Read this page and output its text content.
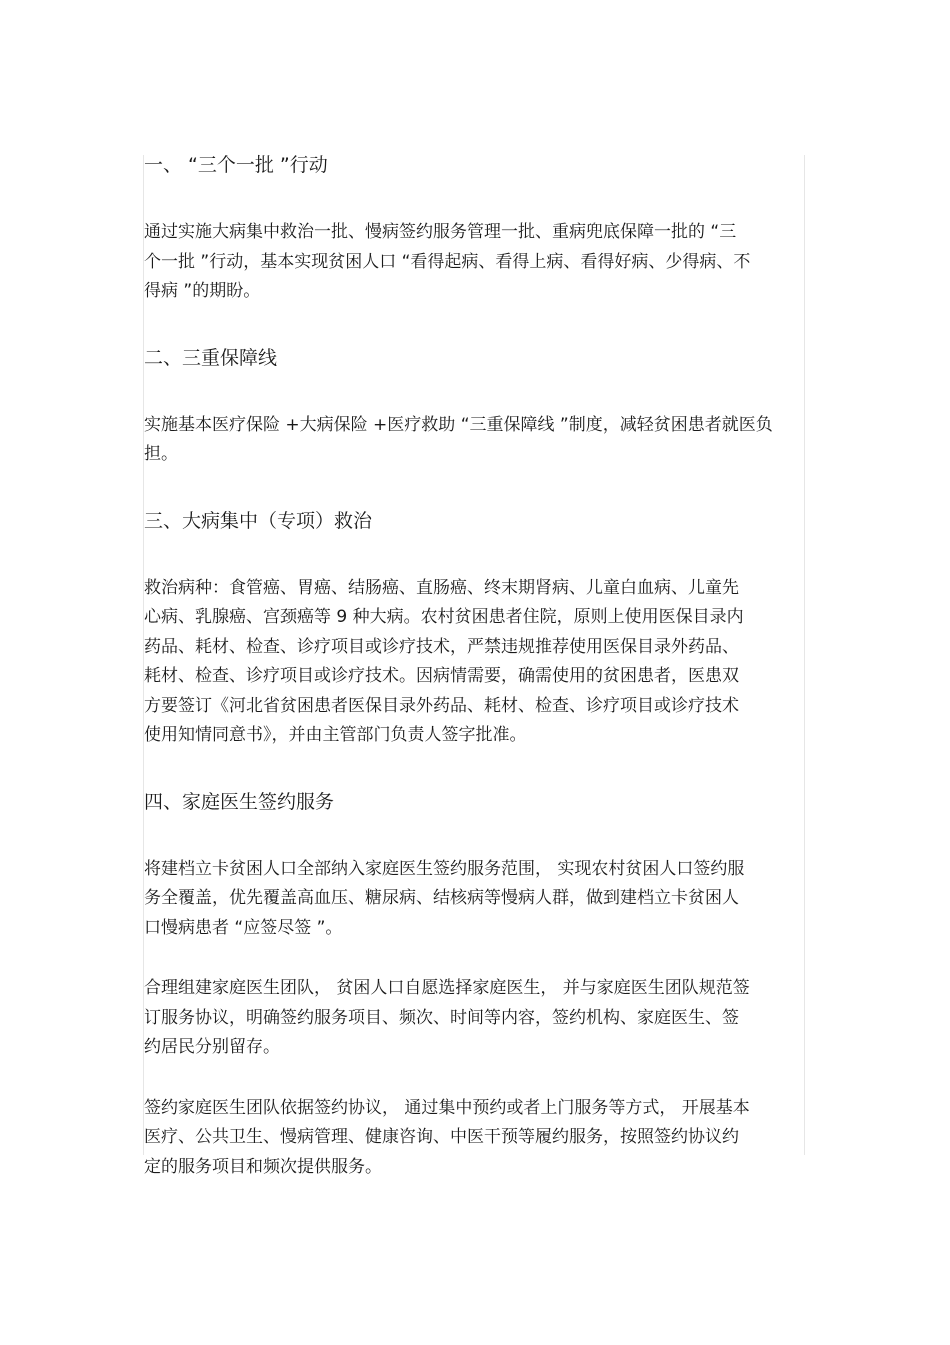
一、 “三个一批 ”行动

通过实施大病集中救治一批、慢病签约服务管理一批、重病兜底保障一批的 “三
个一批 ”行动，基本实现贫困人口 “看得起病、看得上病、看得好病、少得病、不
得病 ”的期盼。

二、三重保障线

实施基本医疗保险 +大病保险 +医疗救助 “三重保障线 ”制度，减轻贫困患者就医负
担。

三、大病集中（专项）救治

救治病种：食管癌、胃癌、结肠癌、直肠癌、终末期肾病、儿童白血病、儿童先
心病、乳腺癌、宫颈癌等 9 种大病。农村贫困患者住院，原则上使用医保目录内
药品、耗材、检查、诊疗项目或诊疗技术，严禁违规推荐使用医保目录外药品、
耗材、检查、诊疗项目或诊疗技术。因病情需要，确需使用的贫困患者，医患双
方要签订《河北省贫困患者医保目录外药品、耗材、检查、诊疗项目或诊疗技术
使用知情同意书》，并由主管部门负责人签字批准。

四、家庭医生签约服务

将建档立卡贫困人口全部纳入家庭医生签约服务范围， 实现农村贫困人口签约服
务全覆盖，优先覆盖高血压、糖尿病、结核病等慢病人群，做到建档立卡贫困人
口慢病患者 “应签尽签 ”。

合理组建家庭医生团队， 贫困人口自愿选择家庭医生， 并与家庭医生团队规范签
订服务协议，明确签约服务项目、频次、时间等内容，签约机构、家庭医生、签
约居民分别留存。

签约家庭医生团队依据签约协议， 通过集中预约或者上门服务等方式， 开展基本
医疗、公共卫生、慢病管理、健康咨询、中医干预等履约服务，按照签约协议约
定的服务项目和频次提供服务。
